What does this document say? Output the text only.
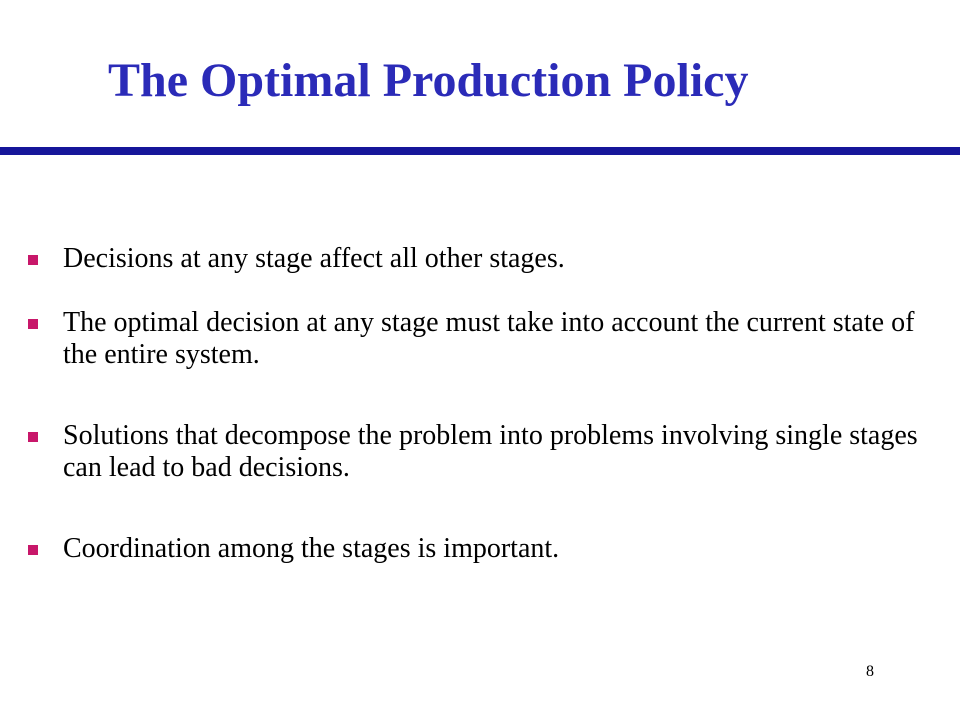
The Optimal Production Policy
Decisions at any stage affect all other stages.
The optimal decision at any stage must take into account the current state of the entire system.
Solutions that decompose the problem into problems involving single stages can lead to bad decisions.
Coordination among the stages is important.
8
